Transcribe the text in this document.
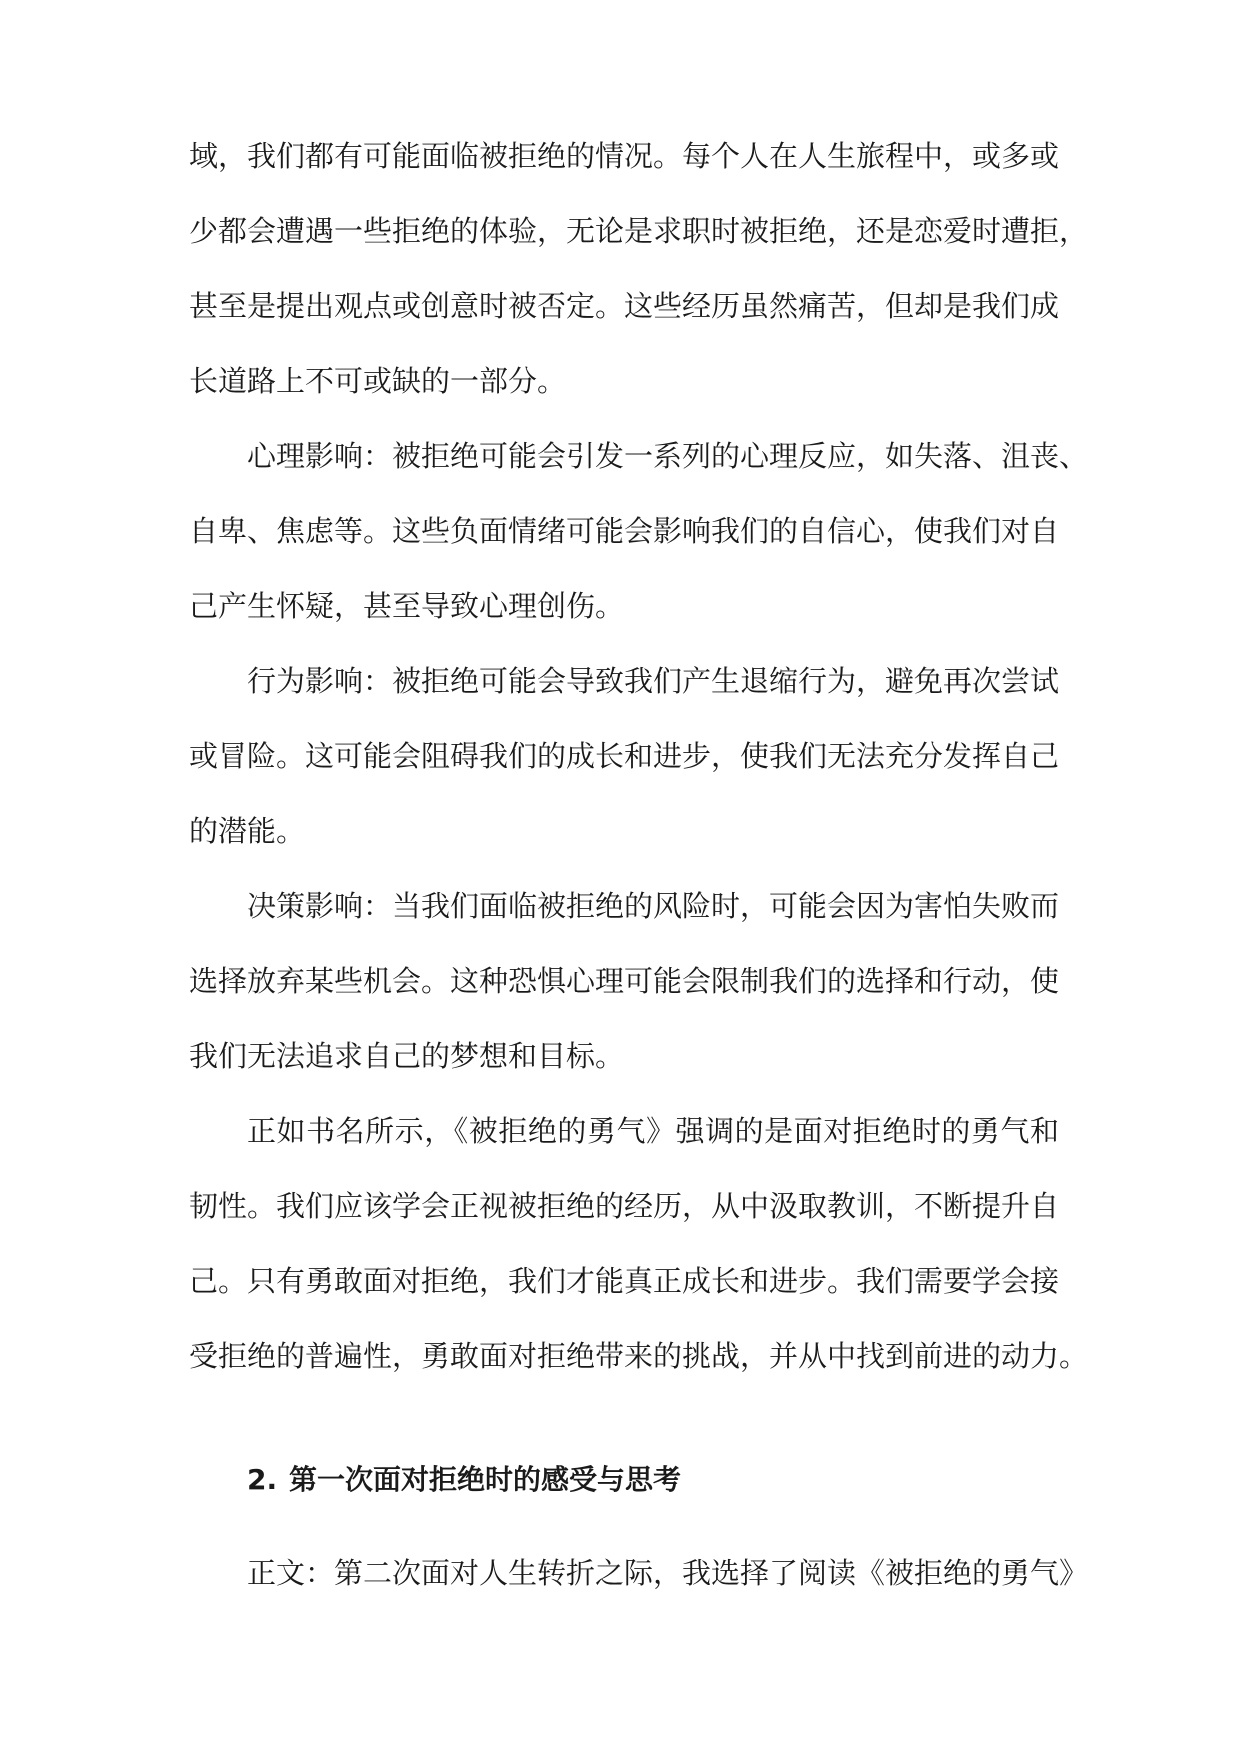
域，我们都有可能面临被拒绝的情况。每个人在人生旅程中，或多或
少都会遭遇一些拒绝的体验，无论是求职时被拒绝，还是恋爱时遭拒，
甚至是提出观点或创意时被否定。这些经历虽然痛苦，但却是我们成
长道路上不可或缺的一部分。
心理影响：被拒绝可能会引发一系列的心理反应，如失落、沮丧、
自卑、焦虑等。这些负面情绪可能会影响我们的自信心，使我们对自
己产生怀疑，甚至导致心理创伤。
行为影响：被拒绝可能会导致我们产生退缩行为，避免再次尝试
或冒险。这可能会阻碍我们的成长和进步，使我们无法充分发挥自己
的潜能。
决策影响：当我们面临被拒绝的风险时，可能会因为害怕失败而
选择放弃某些机会。这种恐惧心理可能会限制我们的选择和行动，使
我们无法追求自己的梦想和目标。
正如书名所示，《被拒绝的勇气》强调的是面对拒绝时的勇气和
韧性。我们应该学会正视被拒绝的经历，从中汲取教训，不断提升自
己。只有勇敢面对拒绝，我们才能真正成长和进步。我们需要学会接
受拒绝的普遍性，勇敢面对拒绝带来的挑战，并从中找到前进的动力。
2. 第一次面对拒绝时的感受与思考
正文：第二次面对人生转折之际，我选择了阅读《被拒绝的勇气》
